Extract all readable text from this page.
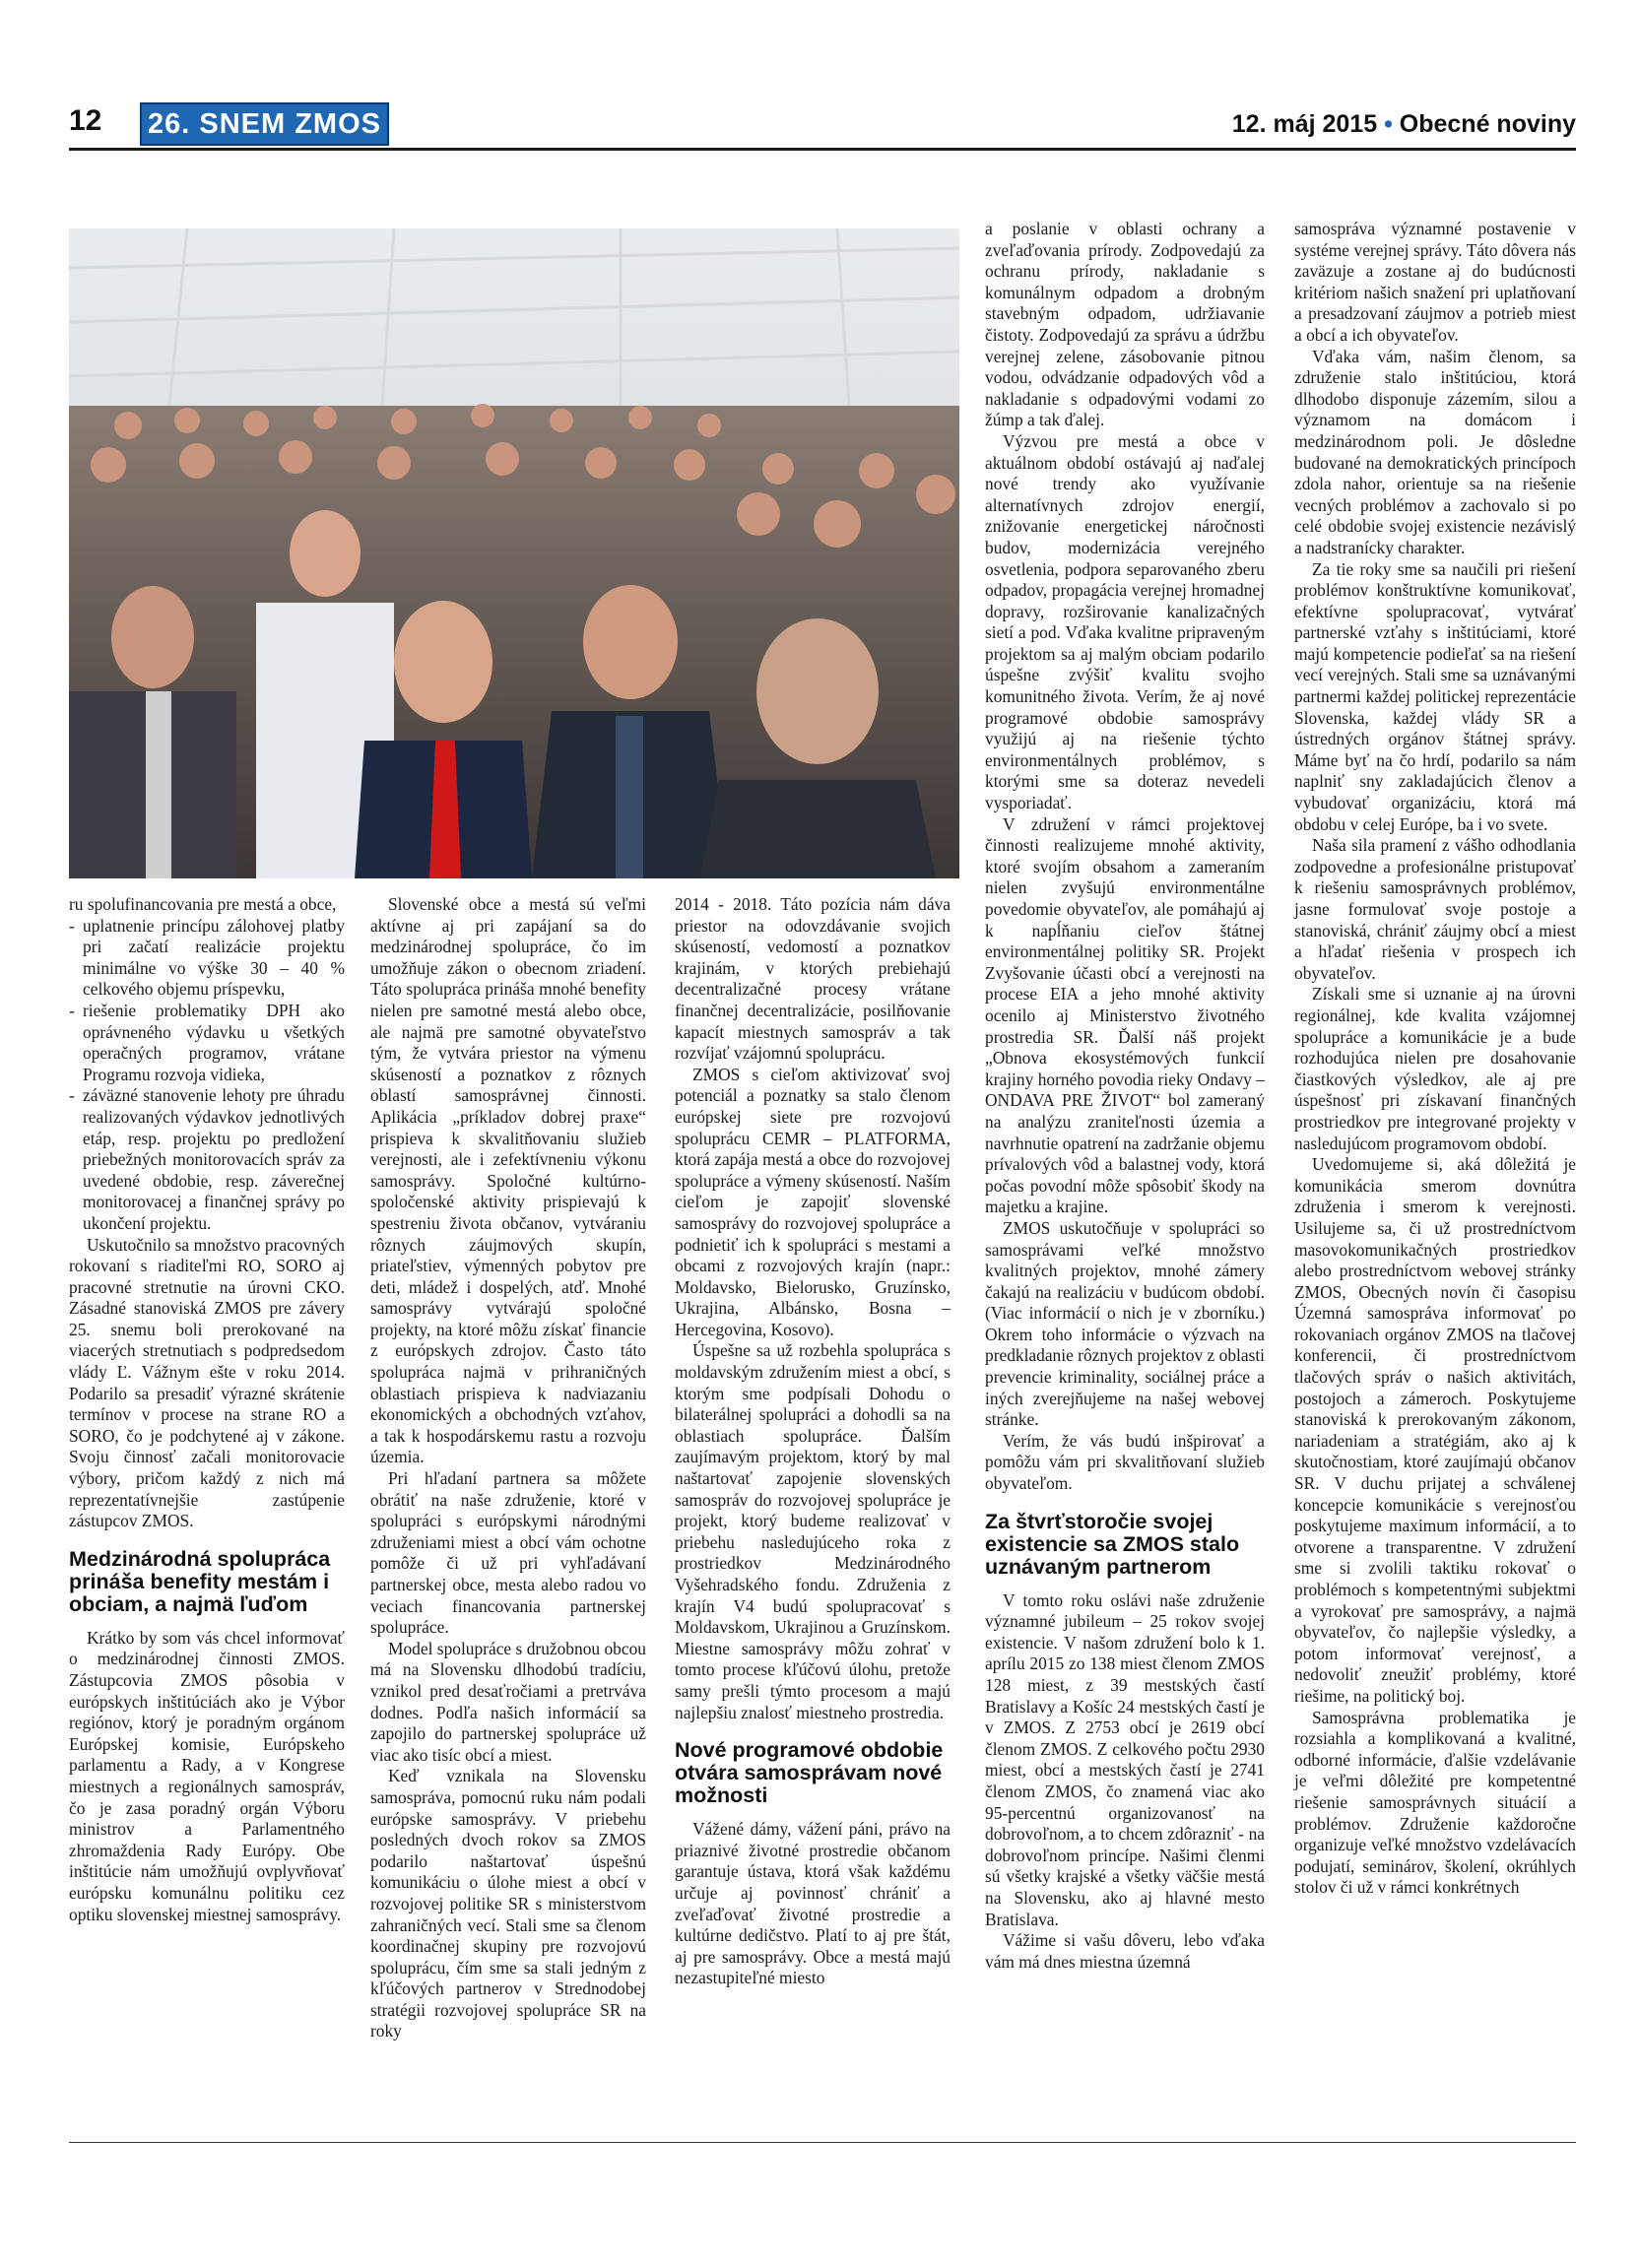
12 26. SNEM ZMOS	12. máj 2015 • Obecné noviny

ru spolufinancovania pre mestá a obce,

- uplatnenie princípu zálohovej platby pri začatí realizácie projektu minimálne vo výške 30 – 40 % celkového objemu príspevku,
- riešenie problematiky DPH ako oprávneného výdavku u všetkých operačných programov, vrátane Programu rozvoja vidieka,
- záväzné stanovenie lehoty pre úhradu realizovaných výdavkov jednotlivých etáp, resp. projektu po predložení priebežných monitorovacích správ za uvedené obdobie, resp. záverečnej monitorovacej a finančnej správy po ukončení projektu.

Uskutočnilo sa množstvo pracovných rokovaní s riaditeľmi RO, SORO aj pracovné stretnutie na úrovni CKO. Zásadné stanoviská ZMOS pre závery 25. snemu boli prerokované na viacerých stretnutiach s podpredsedom vlády Ľ. Vážnym ešte v roku 2014. Podarilo sa presadiť výrazné skrátenie termínov v procese na strane RO a SORO, čo je podchytené aj v zákone. Svoju činnosť začali monitorovacie výbory, pričom každý z nich má reprezentatívnejšie zastúpenie zástupcov ZMOS.

Medzinárodná spolupráca prináša benefity mestám i obciam, a najmä ľuďom

Krátko by som vás chcel informovať o medzinárodnej činnosti ZMOS. Zástupcovia ZMOS pôsobia v európskych inštitúciách ako je Výbor regiónov, ktorý je poradným orgánom Európskej komisie, Európskeho parlamentu a Rady, a v Kongrese miestnych a regionálnych samospráv, čo je zasa poradný orgán Výboru ministrov a Parlamentného zhromaždenia Rady Európy. Obe inštitúcie nám umožňujú ovplyvňovať európsku komunálnu politiku cez optiku slovenskej miestnej samosprávy.

Slovenské obce a mestá sú veľmi aktívne aj pri zapájaní sa do medzinárodnej spolupráce, čo im umožňuje zákon o obecnom zriadení. Táto spolupráca prináša mnohé benefity nielen pre samotné mestá alebo obce, ale najmä pre samotné obyvateľstvo tým, že vytvára priestor na výmenu skúseností a poznatkov z rôznych oblastí samosprávnej činnosti. Aplikácia „príkladov dobrej praxe“ prispieva k skvalitňovaniu služieb verejnosti, ale i zefektívneniu výkonu samosprávy. Spoločné kultúrno-spoločenské aktivity prispievajú k spestreniu života občanov, vytváraniu rôznych záujmových skupín, priateľstiev, výmenných pobytov pre deti, mládež i dospelých, atď. Mnohé samosprávy vytvárajú spoločné projekty, na ktoré môžu získať financie z európskych zdrojov. Často táto spolupráca najmä v prihraničných oblastiach prispieva k nadviazaniu ekonomických a obchodných vzťahov, a tak k hospodárskemu rastu a rozvoju územia.

Pri hľadaní partnera sa môžete obrátiť na naše združenie, ktoré v spolupráci s európskymi národnými združeniami miest a obcí vám ochotne pomôže či už pri vyhľadávaní partnerskej obce, mesta alebo radou vo veciach financovania partnerskej spolupráce.

Model spolupráce s družobnou obcou má na Slovensku dlhodobú tradíciu, vznikol pred desaťročiami a pretrváva dodnes. Podľa našich informácií sa zapojilo do partnerskej spolupráce už viac ako tisíc obcí a miest.

Keď vznikala na Slovensku samospráva, pomocnú ruku nám podali európske samosprávy. V priebehu posledných dvoch rokov sa ZMOS podarilo naštartovať úspešnú komunikáciu o úlohe miest a obcí v rozvojovej politike SR s ministerstvom zahraničných vecí. Stali sme sa členom koordinačnej skupiny pre rozvojovú spoluprácu, čím sme sa stali jedným z kľúčových partnerov v Strednodobej stratégii rozvojovej spolupráce SR na roky

2014 - 2018. Táto pozícia nám dáva priestor na odovzdávanie svojich skúseností, vedomostí a poznatkov krajinám, v ktorých prebiehajú decentralizačné procesy vrátane finančnej decentralizácie, posilňovanie kapacít miestnych samospráv a tak rozvíjať vzájomnú spoluprácu.

ZMOS s cieľom aktivizovať svoj potenciál a poznatky sa stalo členom európskej siete pre rozvojovú spoluprácu CEMR – PLATFORMA, ktorá zapája mestá a obce do rozvojovej spolupráce a výmeny skúseností. Naším cieľom je zapojiť slovenské samosprávy do rozvojovej spolupráce a podnietiť ich k spolupráci s mestami a obcami z rozvojových krajín (napr.: Moldavsko, Bielorusko, Gruzínsko, Ukrajina, Albánsko, Bosna – Hercegovina, Kosovo).

Úspešne sa už rozbehla spolupráca s moldavským združením miest a obcí, s ktorým sme podpísali Dohodu o bilaterálnej spolupráci a dohodli sa na oblastiach spolupráce. Ďalším zaujímavým projektom, ktorý by mal naštartovať zapojenie slovenských samospráv do rozvojovej spolupráce je projekt, ktorý budeme realizovať v priebehu nasledujúceho roka z prostriedkov Medzinárodného Vyšehradského fondu. Združenia z krajín V4 budú spolupracovať s Moldavskom, Ukrajinou a Gruzínskom. Miestne samosprávy môžu zohrať v tomto procese kľúčovú úlohu, pretože samy prešli týmto procesom a majú najlepšiu znalosť miestneho prostredia.

Nové programové obdobie otvára samosprávam nové možnosti

Vážené dámy, vážení páni, právo na priaznivé životné prostredie občanom garantuje ústava, ktorá však každému určuje aj povinnosť chrániť a zveľaďovať životné prostredie a kultúrne dedičstvo. Platí to aj pre štát, aj pre samosprávy. Obce a mestá majú nezastupiteľné miesto

a poslanie v oblasti ochrany a zveľaďovania prírody. Zodpovedajú za ochranu prírody, nakladanie s komunálnym odpadom a drobným stavebným odpadom, udržiavanie čistoty. Zodpovedajú za správu a údržbu verejnej zelene, zásobovanie pitnou vodou, odvádzanie odpadových vôd a nakladanie s odpadovými vodami zo žúmp a tak ďalej.

Výzvou pre mestá a obce v aktuálnom období ostávajú aj naďalej nové trendy ako využívanie alternatívnych zdrojov energií, znižovanie energetickej náročnosti budov, modernizácia verejného osvetlenia, podpora separovaného zberu odpadov, propagácia verejnej hromadnej dopravy, rozširovanie kanalizačných sietí a pod. Vďaka kvalitne pripraveným projektom sa aj malým obciam podarilo úspešne zvýšiť kvalitu svojho komunitného života. Verím, že aj nové programové obdobie samosprávy využijú aj na riešenie týchto environmentálnych problémov, s ktorými sme sa doteraz nevedeli vysporiadať.

V združení v rámci projektovej činnosti realizujeme mnohé aktivity, ktoré svojím obsahom a zameraním nielen zvyšujú environmentálne povedomie obyvateľov, ale pomáhajú aj k napĺňaniu cieľov štátnej environmentálnej politiky SR. Projekt Zvyšovanie účasti obcí a verejnosti na procese EIA a jeho mnohé aktivity ocenilo aj Ministerstvo životného prostredia SR. Ďalší náš projekt „Obnova ekosystémových funkcií krajiny horného povodia rieky Ondavy – ONDAVA PRE ŽIVOT“ bol zameraný na analýzu zraniteľnosti územia a navrhnutie opatrení na zadržanie objemu prívalových vôd a balastnej vody, ktorá počas povodní môže spôsobiť škody na majetku a krajine.

ZMOS uskutočňuje v spolupráci so samosprávami veľké množstvo kvalitných projektov, mnohé zámery čakajú na realizáciu v budúcom období. (Viac informácií o nich je v zborníku.) Okrem toho informácie o výzvach na predkladanie rôznych projektov z oblasti prevencie kriminality, sociálnej práce a iných zverejňujeme na našej webovej stránke.

Verím, že vás budú inšpirovať a pomôžu vám pri skvalitňovaní služieb obyvateľom.

Za štvrťstoročie svojej existencie sa ZMOS stalo uznávaným partnerom

V tomto roku oslávi naše združenie významné jubileum – 25 rokov svojej existencie. V našom združení bolo k 1. aprílu 2015 zo 138 miest členom ZMOS 128 miest, z 39 mestských častí Bratislavy a Košíc 24 mestských častí je v ZMOS. Z 2753 obcí je 2619 obcí členom ZMOS. Z celkového počtu 2930 miest, obcí a mestských častí je 2741 členom ZMOS, čo znamená viac ako 95-percentnú organizovanosť na dobrovoľnom, a to chcem zdôrazniť - na dobrovoľnom princípe. Našimi členmi sú všetky krajské a všetky väčšie mestá na Slovensku, ako aj hlavné mesto Bratislava.

Vážime si vašu dôveru, lebo vďaka vám má dnes miestna územná

samospráva významné postavenie v systéme verejnej správy. Táto dôvera nás zaväzuje a zostane aj do budúcnosti kritériom našich snažení pri uplatňovaní a presadzovaní záujmov a potrieb miest a obcí a ich obyvateľov.

Vďaka vám, našim členom, sa združenie stalo inštitúciou, ktorá dlhodobo disponuje zázemím, silou a významom na domácom i medzinárodnom poli. Je dôsledne budované na demokratických princípoch zdola nahor, orientuje sa na riešenie vecných problémov a zachovalo si po celé obdobie svojej existencie nezávislý a nadstranícky charakter.

Za tie roky sme sa naučili pri riešení problémov konštruktívne komunikovať, efektívne spolupracovať, vytvárať partnerské vzťahy s inštitúciami, ktoré majú kompetencie podieľať sa na riešení vecí verejných. Stali sme sa uznávanými partnermi každej politickej reprezentácie Slovenska, každej vlády SR a ústredných orgánov štátnej správy. Máme byť na čo hrdí, podarilo sa nám naplniť sny zakladajúcich členov a vybudovať organizáciu, ktorá má obdobu v celej Európe, ba i vo svete.

Naša sila pramení z vášho odhodlania zodpovedne a profesionálne pristupovať k riešeniu samosprávnych problémov, jasne formulovať svoje postoje a stanoviská, chrániť záujmy obcí a miest a hľadať riešenia v prospech ich obyvateľov.

Získali sme si uznanie aj na úrovni regionálnej, kde kvalita vzájomnej spolupráce a komunikácie je a bude rozhodujúca nielen pre dosahovanie čiastkových výsledkov, ale aj pre úspešnosť pri získavaní finančných prostriedkov pre integrované projekty v nasledujúcom programovom období.

Uvedomujeme si, aká dôležitá je komunikácia smerom dovnútra združenia i smerom k verejnosti. Usilujeme sa, či už prostredníctvom masovokomunikačných prostriedkov alebo prostredníctvom webovej stránky ZMOS, Obecných novín či časopisu Územná samospráva informovať po rokovaniach orgánov ZMOS na tlačovej konferencii, či prostredníctvom tlačových správ o našich aktivitách, postojoch a zámeroch. Poskytujeme stanoviská k prerokovaným zákonom, nariadeniam a stratégiám, ako aj k skutočnostiam, ktoré zaujímajú občanov SR. V duchu prijatej a schválenej koncepcie komunikácie s verejnosťou poskytujeme maximum informácií, a to otvorene a transparentne. V združení sme si zvolili taktiku rokovať o problémoch s kompetentnými subjektmi a vyrokovať pre samosprávy, a najmä obyvateľov, čo najlepšie výsledky, a potom informovať verejnosť, a nedovoliť zneužiť problémy, ktoré riešime, na politický boj.

Samosprávna problematika je rozsiahla a komplikovaná a kvalitné, odborné informácie, ďalšie vzdelávanie je veľmi dôležité pre kompetentné riešenie samosprávnych situácií a problémov. Združenie každoročne organizuje veľké množstvo vzdelávacích podujatí, seminárov, školení, okrúhlych stolov či už v rámci konkrétnych
